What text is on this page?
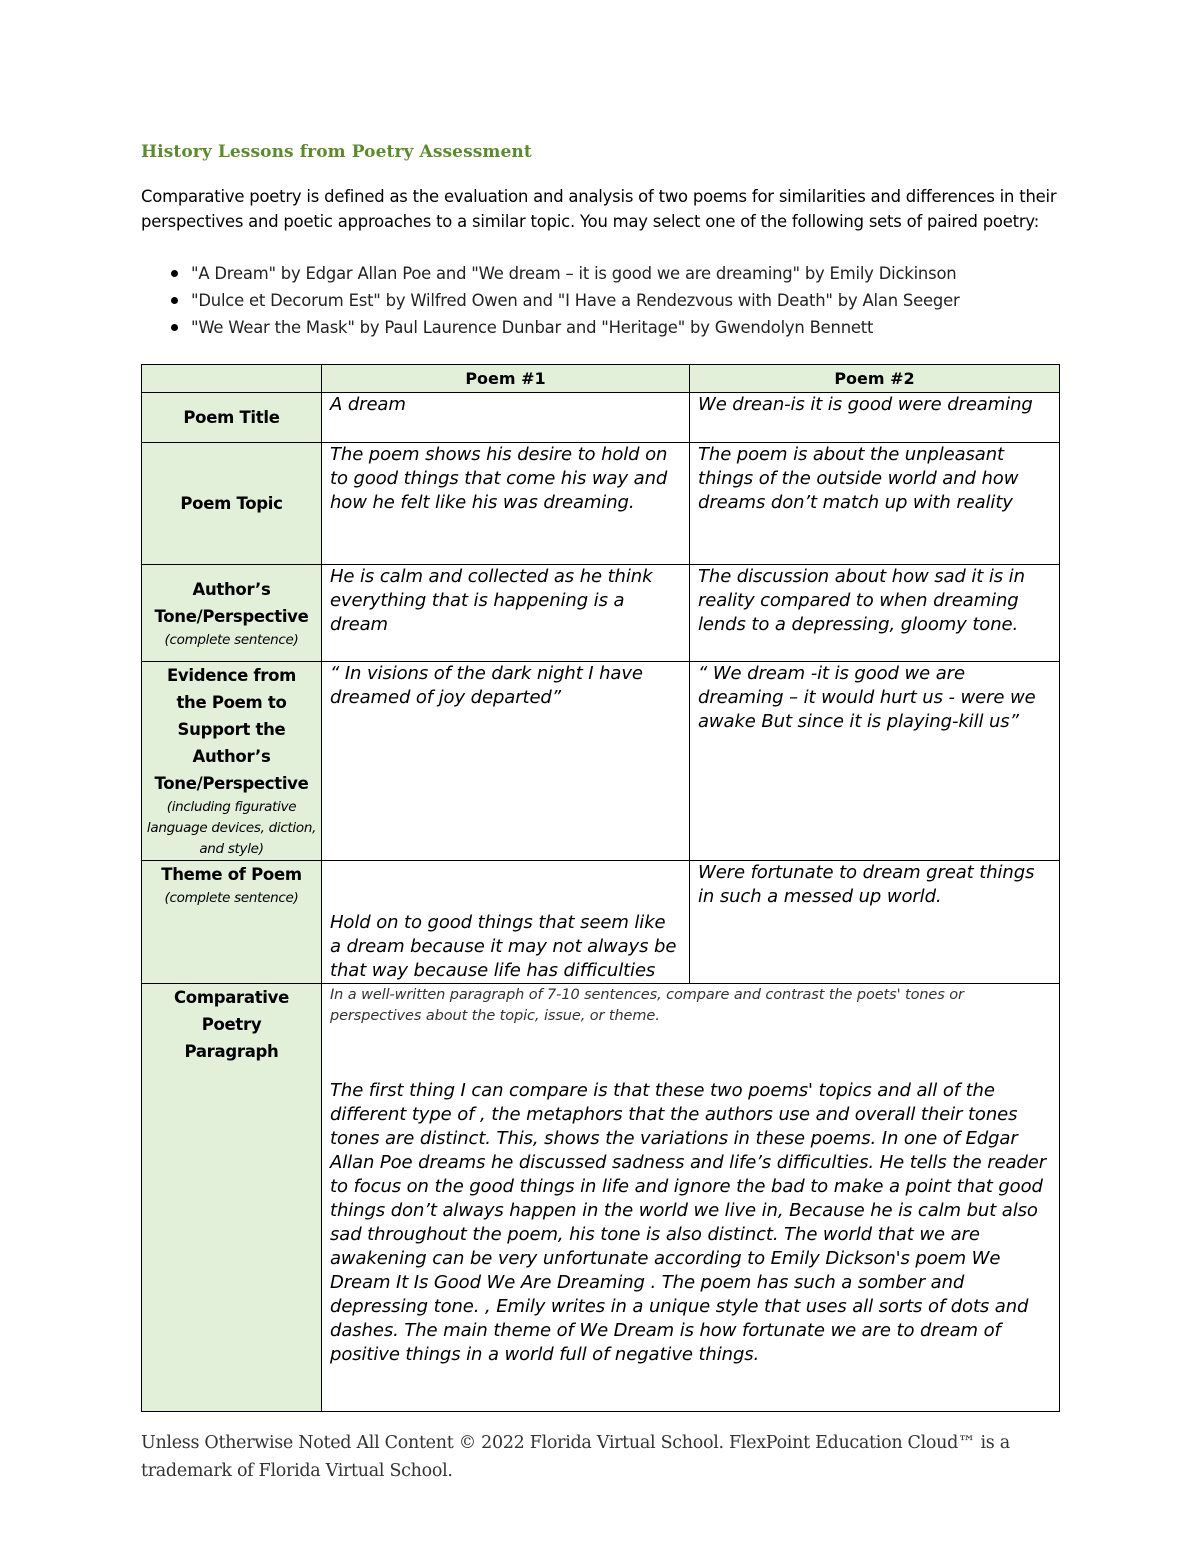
History Lessons from Poetry Assessment

Comparative poetry is defined as the evaluation and analysis of two poems for similarities and differences in their perspectives and poetic approaches to a similar topic. You may select one of the following sets of paired poetry:

"A Dream" by Edgar Allan Poe and "We dream – it is good we are dreaming" by Emily Dickinson
"Dulce et Decorum Est" by Wilfred Owen and "I Have a Rendezvous with Death" by Alan Seeger
"We Wear the Mask" by Paul Laurence Dunbar and "Heritage" by Gwendolyn Bennett
	Poem #1	Poem #2
Poem Title	A dream	We drean-is it is good were dreaming
Poem Topic	The poem shows his desire to hold on to good things that come his way and how he felt like his was dreaming.	The poem is about the unpleasant things of the outside world and how dreams don’t match up with reality
Author’s Tone/Perspective
(complete sentence)	He is calm and collected as he think everything that is happening is a dream	The discussion about how sad it is in reality compared to when dreaming lends to a depressing, gloomy tone.

Evidence from the Poem to Support the Author’s Tone/Perspective
(including figurative language devices, diction, and style)	“ In visions of the dark night I have dreamed of joy departed”	“ We dream -it is good we are dreaming – it would hurt us - were we awake But since it is playing-kill us”
Theme of Poem
(complete sentence)	Hold on to good things that seem like a dream because it may not always be that way because life has difficulties	Were fortunate to dream great things in such a messed up world.

Comparative Poetry Paragraph	In a well-written paragraph of 7-10 sentences, compare and contrast the poets' tones or perspectives about the topic, issue, or theme.
The first thing I can compare is that these two poems' topics and all of the different type of , the metaphors that the authors use and overall their tones tones are distinct. This, shows the variations in these poems. In one of Edgar Allan Poe dreams he discussed sadness and life’s difficulties. He tells the reader to focus on the good things in life and ignore the bad to make a point that good things don’t always happen in the world we live in, Because he is calm but also sad throughout the poem, his tone is also distinct. The world that we are awakening can be very unfortunate according to Emily Dickson's poem We Dream It Is Good We Are Dreaming . The poem has such a somber and depressing tone. , Emily writes in a unique style that uses all sorts of dots and dashes. The main theme of We Dream is how fortunate we are to dream of positive things in a world full of negative things.	

Unless Otherwise Noted All Content © 2022 Florida Virtual School. FlexPoint Education Cloud™ is a trademark of Florida Virtual School.
